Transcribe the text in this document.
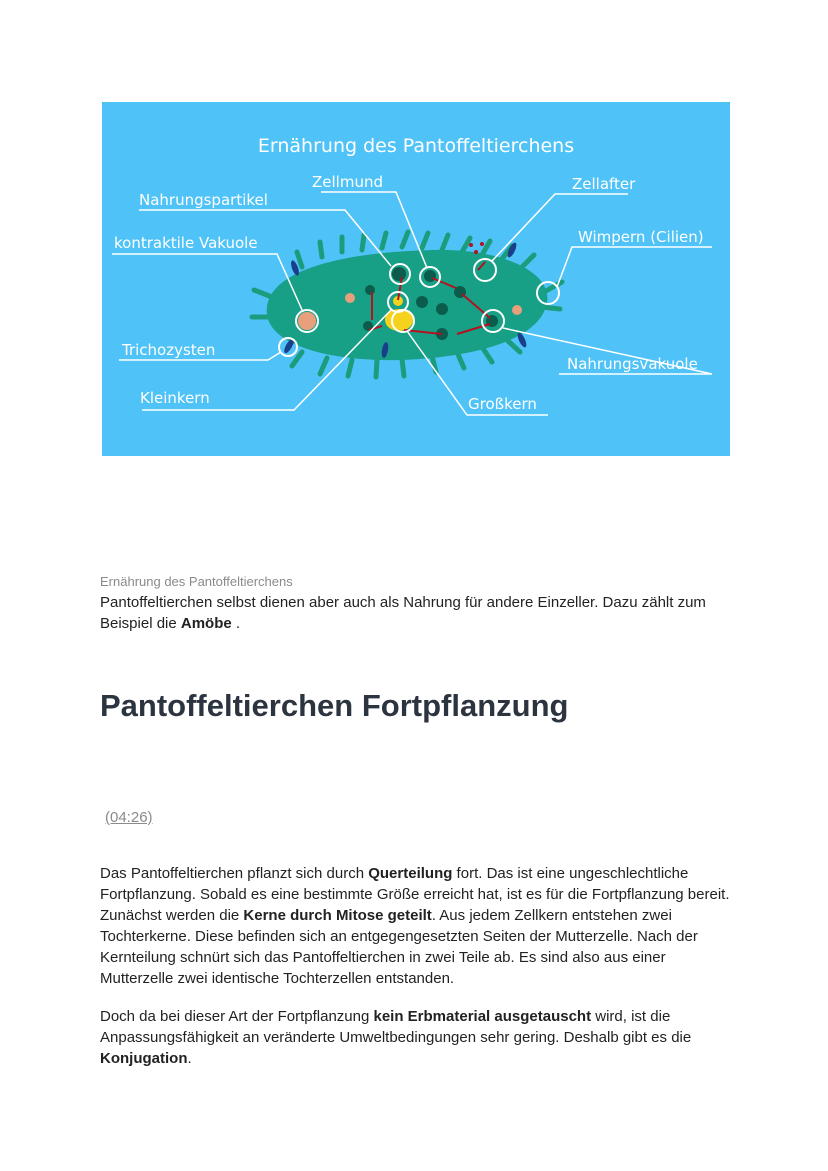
Ernährung des Pantoffeltierchens
Nahrungspartikel
Zellmund	Zellafter
Wimpern (Cilien)
kontraktile Vakuole
Trichozysten
Nahrungsvakuole
Kleinkern	Großkern
Ernährung des Pantoffeltierchens

Pantoffeltierchen selbst dienen aber auch als Nahrung für andere Einzeller. Dazu zählt zum Beispiel die Amöbe .

Pantoffeltierchen Fortpflanzung
(04:26)

Das Pantoffeltierchen pflanzt sich durch Querteilung fort. Das ist eine ungeschlechtliche Fortpflanzung. Sobald es eine bestimmte Größe erreicht hat, ist es für die Fortpflanzung bereit. Zunächst werden die Kerne durch Mitose geteilt. Aus jedem Zellkern entstehen zwei Tochterkerne. Diese befinden sich an entgegengesetzten Seiten der Mutterzelle. Nach der Kernteilung schnürt sich das Pantoffeltierchen in zwei Teile ab. Es sind also aus einer Mutterzelle zwei identische Tochterzellen entstanden.

Doch da bei dieser Art der Fortpflanzung kein Erbmaterial ausgetauscht wird, ist die Anpassungsfähigkeit an veränderte Umweltbedingungen sehr gering. Deshalb gibt es die Konjugation.
